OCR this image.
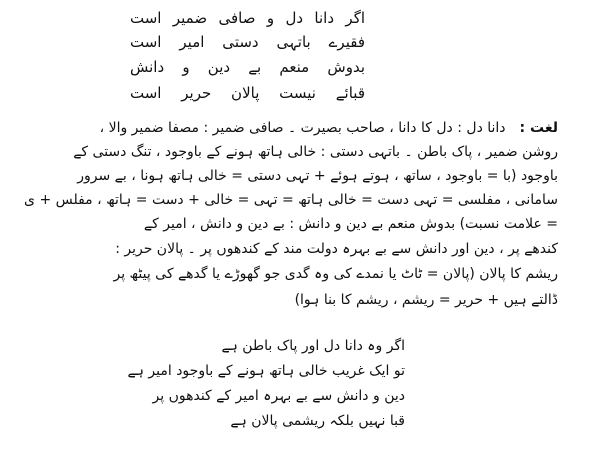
اگر دانا دل و صافی ضمیر است
فقیرے باتہی دستی امیر است
بدوش منعم بے دین و دانش
قبائے نیست پالان حریر است
لغت :دانا دل : دل کا دانا ، صاحب بصیرت ۔ صافی ضمیر : مصفا ضمیر والا ،
روشن ضمیر ، پاک باطن ۔ باتہی دستی : خالی ہاتھ ہونے کے باوجود ، تنگ دستی کے
باوجود (با = باوجود ، ساتھ ، ہوتے ہوئے + تہی دستی = خالی ہاتھ ہونا ، بے سرور
سامانی ، مفلسی = تہی دست = خالی ہاتھ = تہی = خالی + دست = ہاتھ ، مفلس + ی
= علامت نسبت) بدوش منعم بے دین و دانش : بے دین و دانش ، امیر کے
کندھے پر ، دین اور دانش سے بے بہرہ دولت مند کے کندھوں پر ۔ پالان حریر :
ریشم کا پالان (پالان = ٹاٹ یا نمدے کی وہ گدی جو گھوڑے یا گدھے کی پیٹھ پر
ڈالتے ہیں + حریر = ریشم ، ریشم کا بنا ہوا)
اگر وہ دانا دل اور پاک باطن ہے
تو ایک غریب خالی ہاتھ ہونے کے باوجود امیر ہے
دین و دانش سے بے بہرہ امیر کے کندھوں پر
قبا نہیں بلکہ ریشمی پالان ہے
